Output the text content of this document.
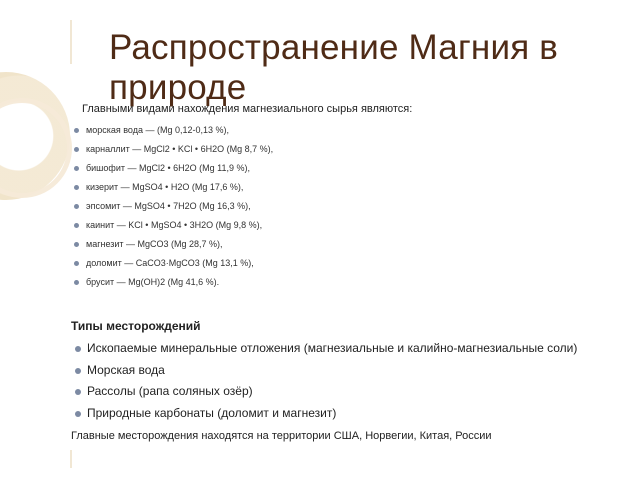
Распространение Магния в природе

Главными видами нахождения магнезиального сырья являются:

морская вода — (Mg 0,12-0,13 %),
карналлит — MgCl2 • KCl • 6H2O (Mg 8,7 %),
бишофит — MgCl2 • 6H2O (Mg 11,9 %),
кизерит — MgSO4 • H2O (Mg 17,6 %),
эпсомит — MgSO4 • 7H2O (Mg 16,3 %),
каинит — KCl • MgSO4 • 3H2O (Mg 9,8 %),
магнезит — MgCO3 (Mg 28,7 %),
доломит — CaCO3·MgCO3 (Mg 13,1 %),
брусит — Mg(OH)2 (Mg 41,6 %).
Типы месторождений
Ископаемые минеральные отложения (магнезиальные и калийно-магнезиальные соли)
Морская вода
Рассолы (рапа соляных озёр)
Природные карбонаты (доломит и магнезит)

Главные месторождения находятся на территории США, Норвегии, Китая, России
